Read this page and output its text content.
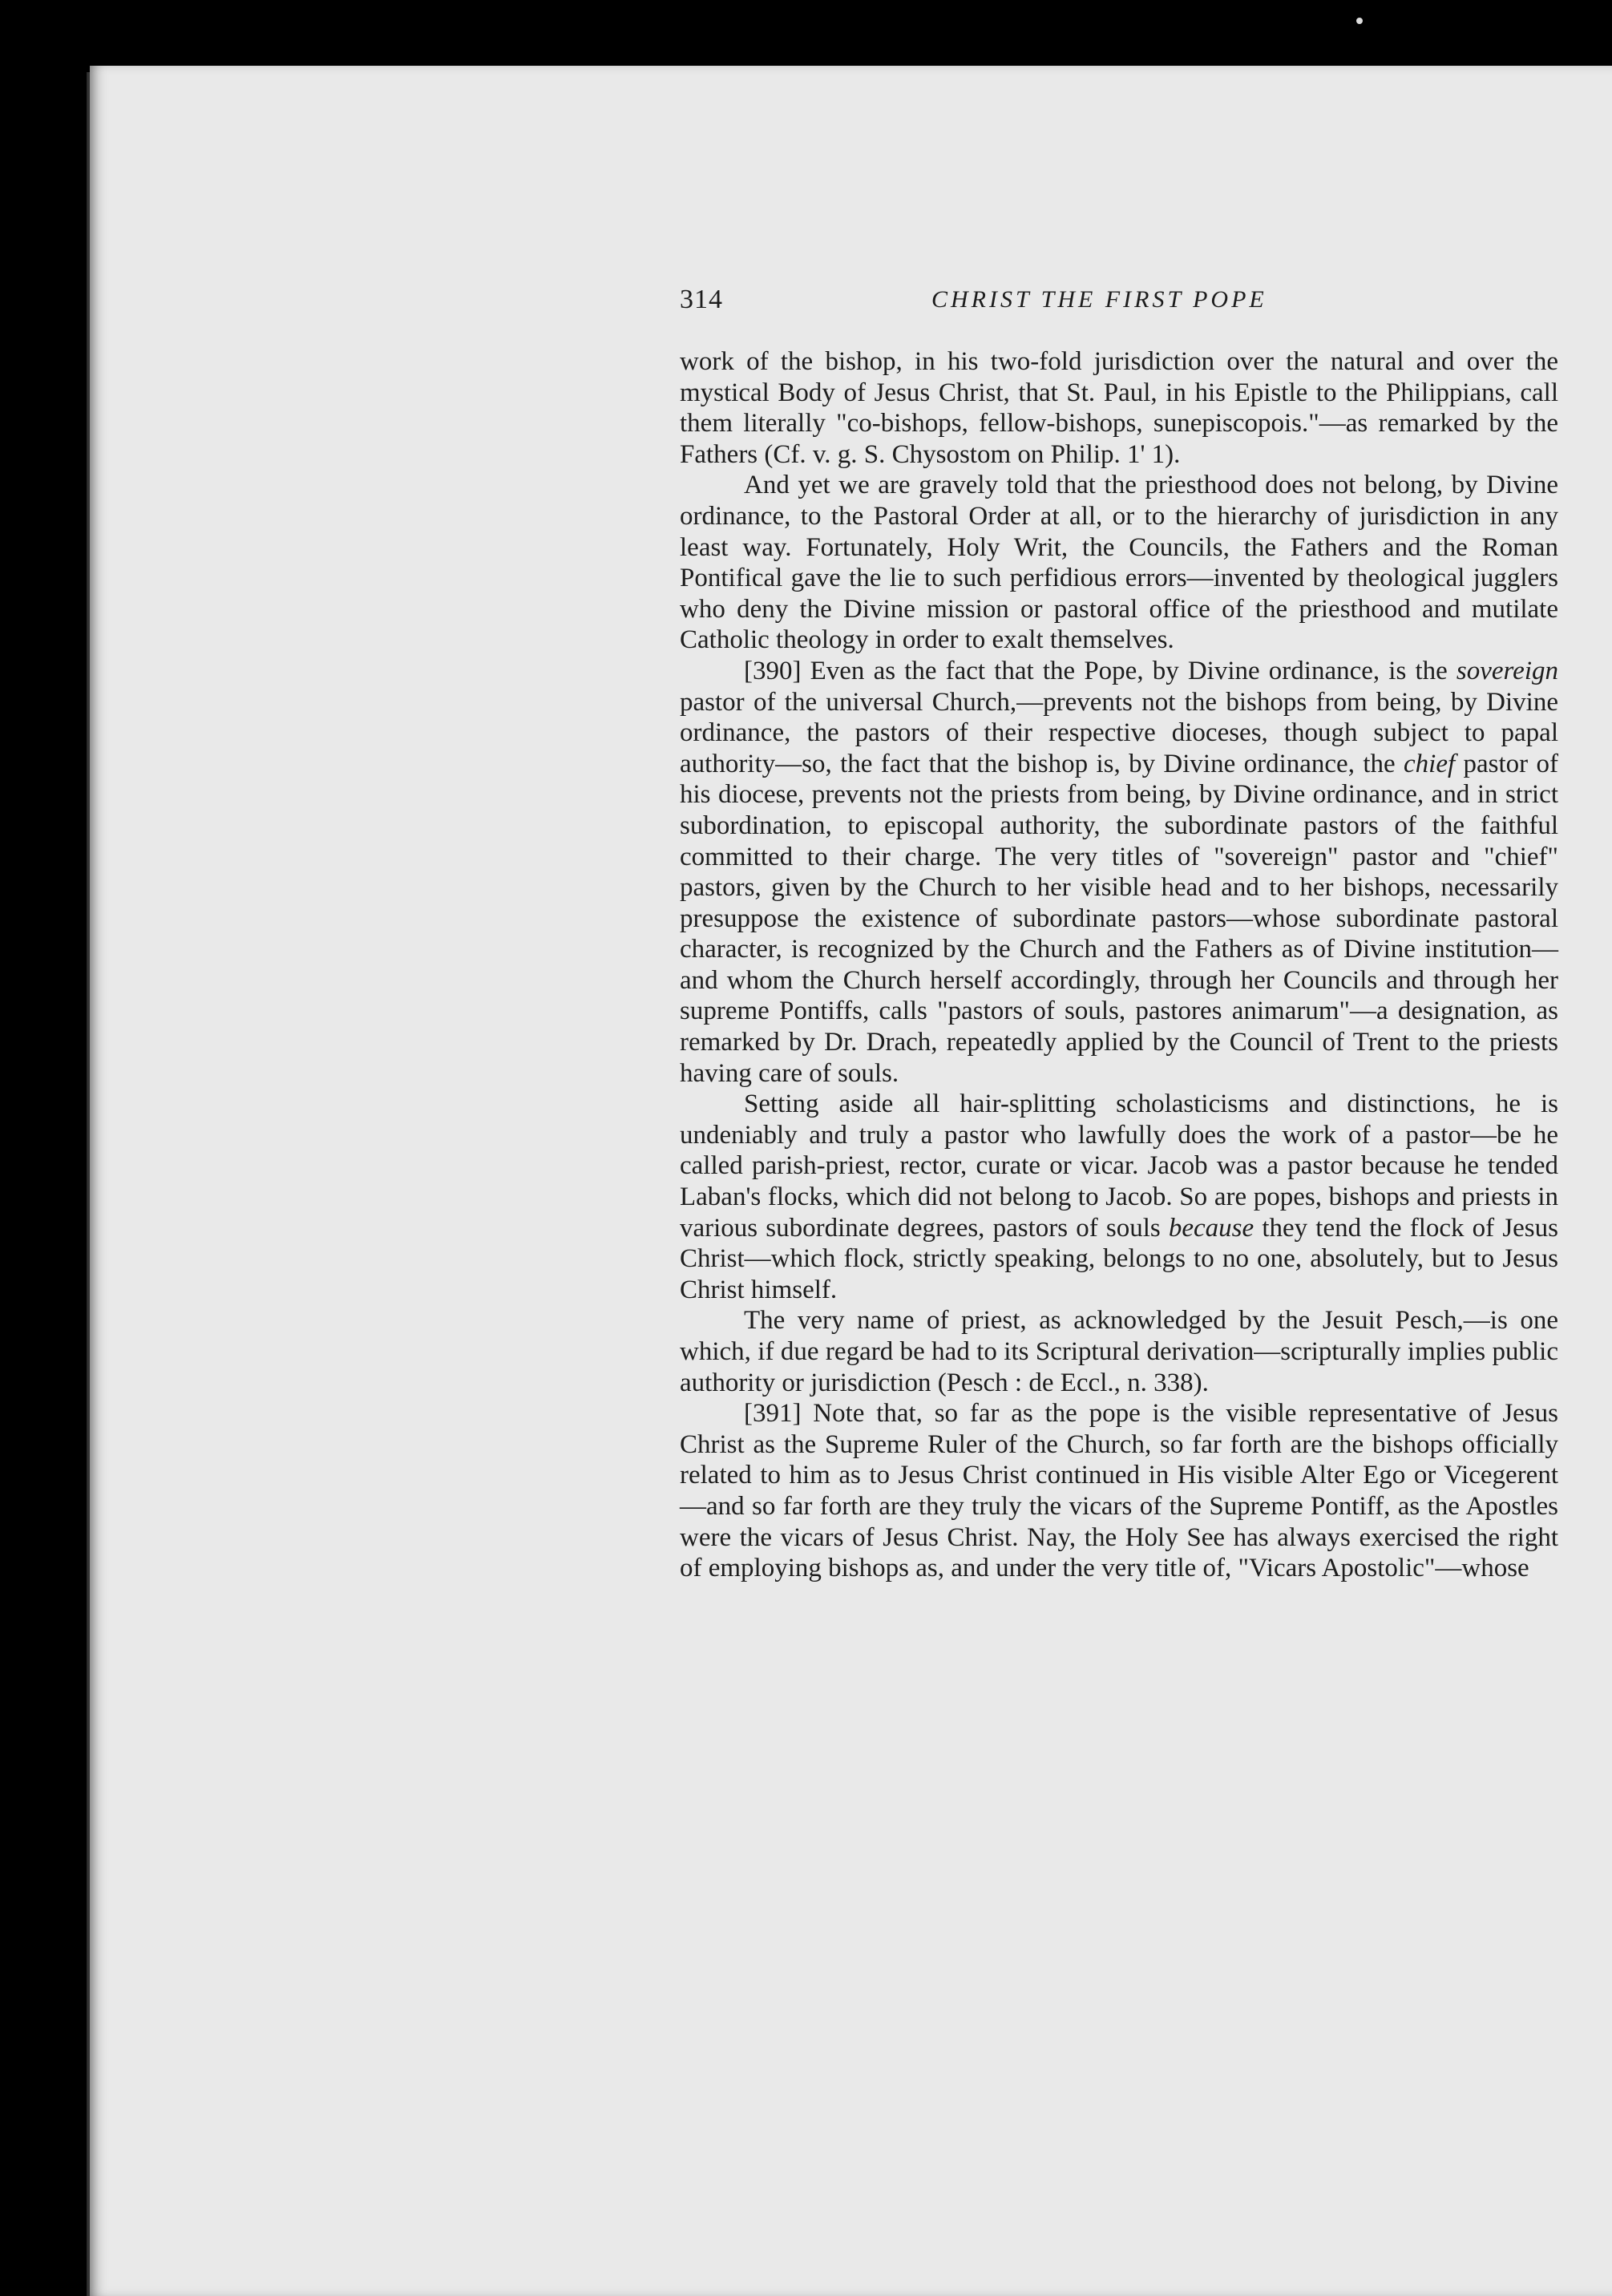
314	CHRIST THE FIRST POPE

work of the bishop, in his two-fold jurisdiction over the natural and over the mystical Body of Jesus Christ, that St. Paul, in his Epistle to the Philippians, call them literally "co-bishops, fellow-bishops, sunepiscopois."—as remarked by the Fathers (Cf. v. g. S. Chysostom on Philip. 1' 1).

And yet we are gravely told that the priesthood does not belong, by Divine ordinance, to the Pastoral Order at all, or to the hierarchy of jurisdiction in any least way. Fortunately, Holy Writ, the Councils, the Fathers and the Roman Pontifical gave the lie to such perfidious errors—invented by theological jugglers who deny the Divine mission or pastoral office of the priesthood and mutilate Catholic theology in order to exalt themselves.

[390] Even as the fact that the Pope, by Divine ordinance, is the sovereign pastor of the universal Church,—prevents not the bishops from being, by Divine ordinance, the pastors of their respective dioceses, though subject to papal authority—so, the fact that the bishop is, by Divine ordinance, the chief pastor of his diocese, prevents not the priests from being, by Divine ordinance, and in strict subordination, to episcopal authority, the subordinate pastors of the faithful committed to their charge. The very titles of "sovereign" pastor and "chief" pastors, given by the Church to her visible head and to her bishops, necessarily presuppose the existence of subordinate pastors—whose subordinate pastoral character, is recognized by the Church and the Fathers as of Divine institution—and whom the Church herself accordingly, through her Councils and through her supreme Pontiffs, calls "pastors of souls, pastores animarum"—a designation, as remarked by Dr. Drach, repeatedly applied by the Council of Trent to the priests having care of souls.

Setting aside all hair-splitting scholasticisms and distinctions, he is undeniably and truly a pastor who lawfully does the work of a pastor—be he called parish-priest, rector, curate or vicar. Jacob was a pastor because he tended Laban's flocks, which did not belong to Jacob. So are popes, bishops and priests in various subordinate degrees, pastors of souls because they tend the flock of Jesus Christ—which flock, strictly speaking, belongs to no one, absolutely, but to Jesus Christ himself.

The very name of priest, as acknowledged by the Jesuit Pesch,—is one which, if due regard be had to its Scriptural derivation—scripturally implies public authority or jurisdiction (Pesch : de Eccl., n. 338).

[391] Note that, so far as the pope is the visible representative of Jesus Christ as the Supreme Ruler of the Church, so far forth are the bishops officially related to him as to Jesus Christ continued in His visible Alter Ego or Vicegerent—and so far forth are they truly the vicars of the Supreme Pontiff, as the Apostles were the vicars of Jesus Christ. Nay, the Holy See has always exercised the right of employing bishops as, and under the very title of, "Vicars Apostolic"—whose
